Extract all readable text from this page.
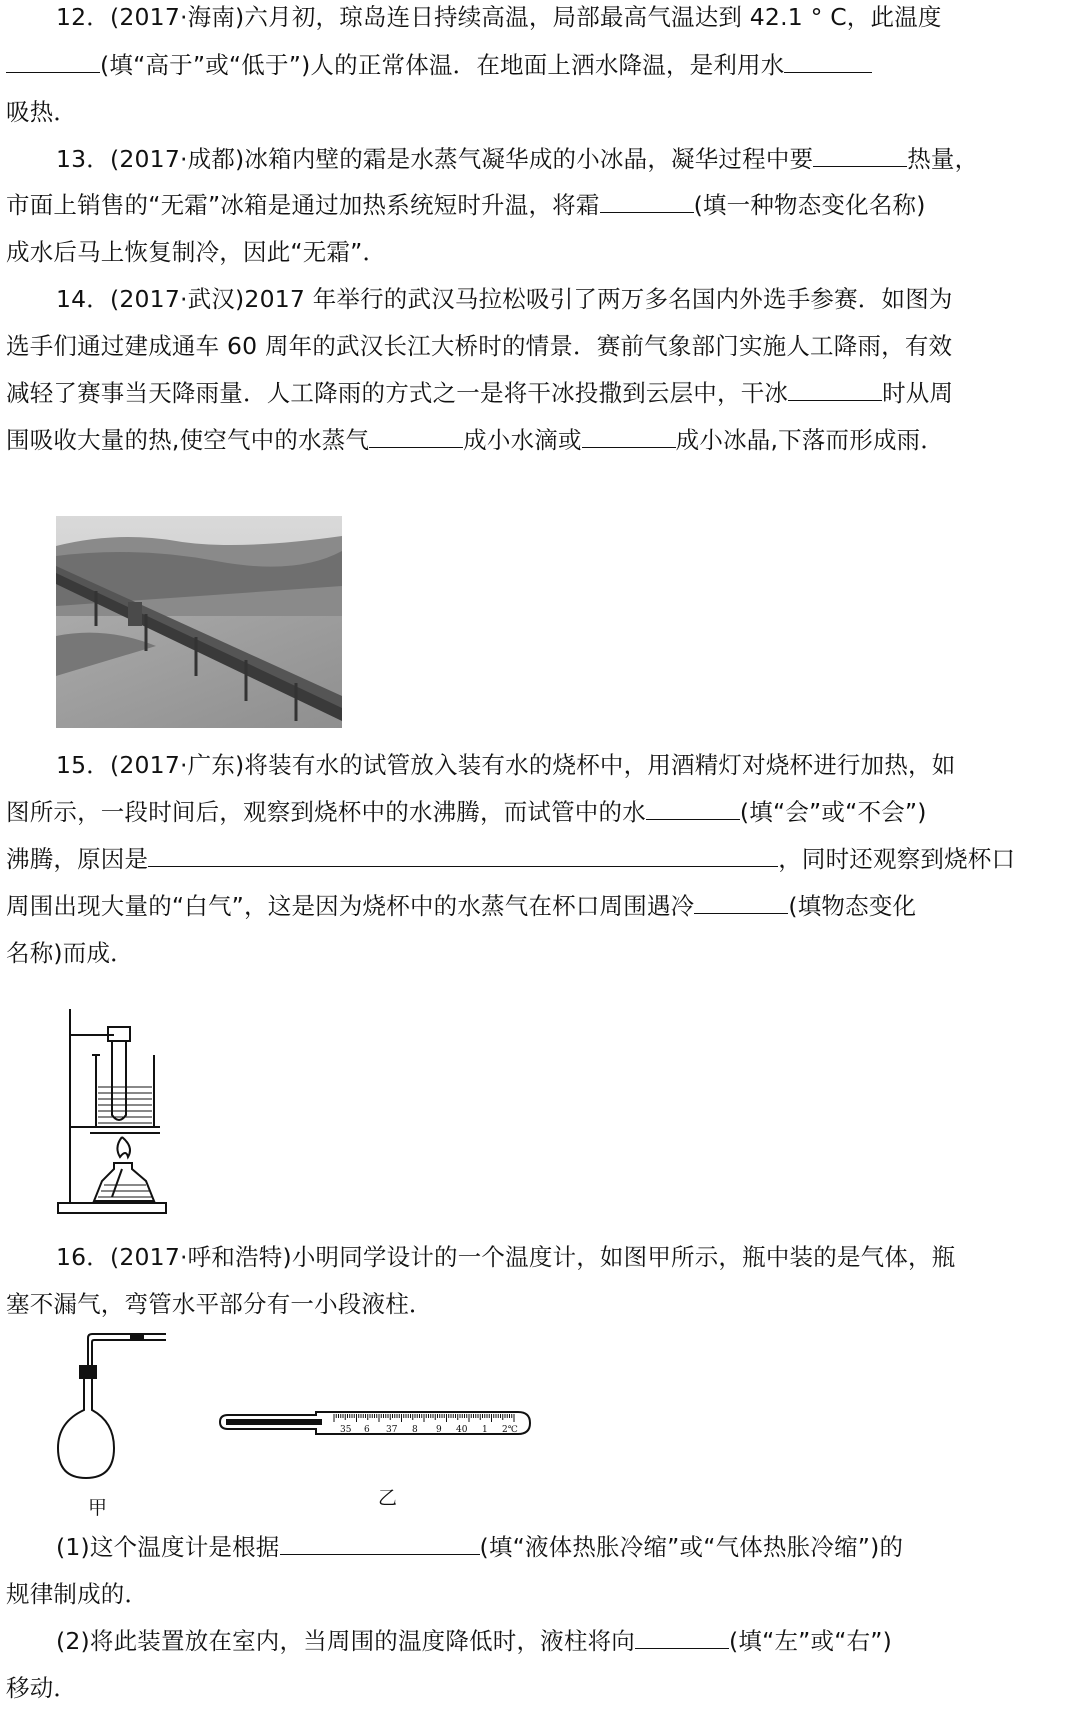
12．(2017·海南)六月初，琼岛连日持续高温，局部最高气温达到 42.1 ° C，此温度
(填“高于”或“低于”)人的正常体温．在地面上洒水降温，是利用水
吸热．
13．(2017·成都)冰箱内壁的霜是水蒸气凝华成的小冰晶，凝华过程中要	热量，
市面上销售的“无霜”冰箱是通过加热系统短时升温，将霜	(填一种物态变化名称)
成水后马上恢复制冷，因此“无霜”．
14．(2017·武汉)2017 年举行的武汉马拉松吸引了两万多名国内外选手参赛．如图为
选手们通过建成通车 60 周年的武汉长江大桥时的情景．赛前气象部门实施人工降雨，有效
减轻了赛事当天降雨量．人工降雨的方式之一是将干冰投撒到云层中，干冰	时从周
围吸收大量的热,使空气中的水蒸气	成小水滴或	成小冰晶,下落而形成雨．
15．(2017·广东)将装有水的试管放入装有水的烧杯中，用酒精灯对烧杯进行加热，如
图所示，一段时间后，观察到烧杯中的水沸腾，而试管中的水	(填“会”或“不会”)
沸腾，原因是	，同时还观察到烧杯口
周围出现大量的“白气”，这是因为烧杯中的水蒸气在杯口周围遇冷	(填物态变化
名称)而成．
16．(2017·呼和浩特)小明同学设计的一个温度计，如图甲所示，瓶中装的是气体，瓶
塞不漏气，弯管水平部分有一小段液柱．
甲
35 6 37 8 9 40 1 2℃
乙
(1)这个温度计是根据	(填“液体热胀冷缩”或“气体热胀冷缩”)的
规律制成的．
(2)将此装置放在室内，当周围的温度降低时，液柱将向	(填“左”或“右”)
移动．
